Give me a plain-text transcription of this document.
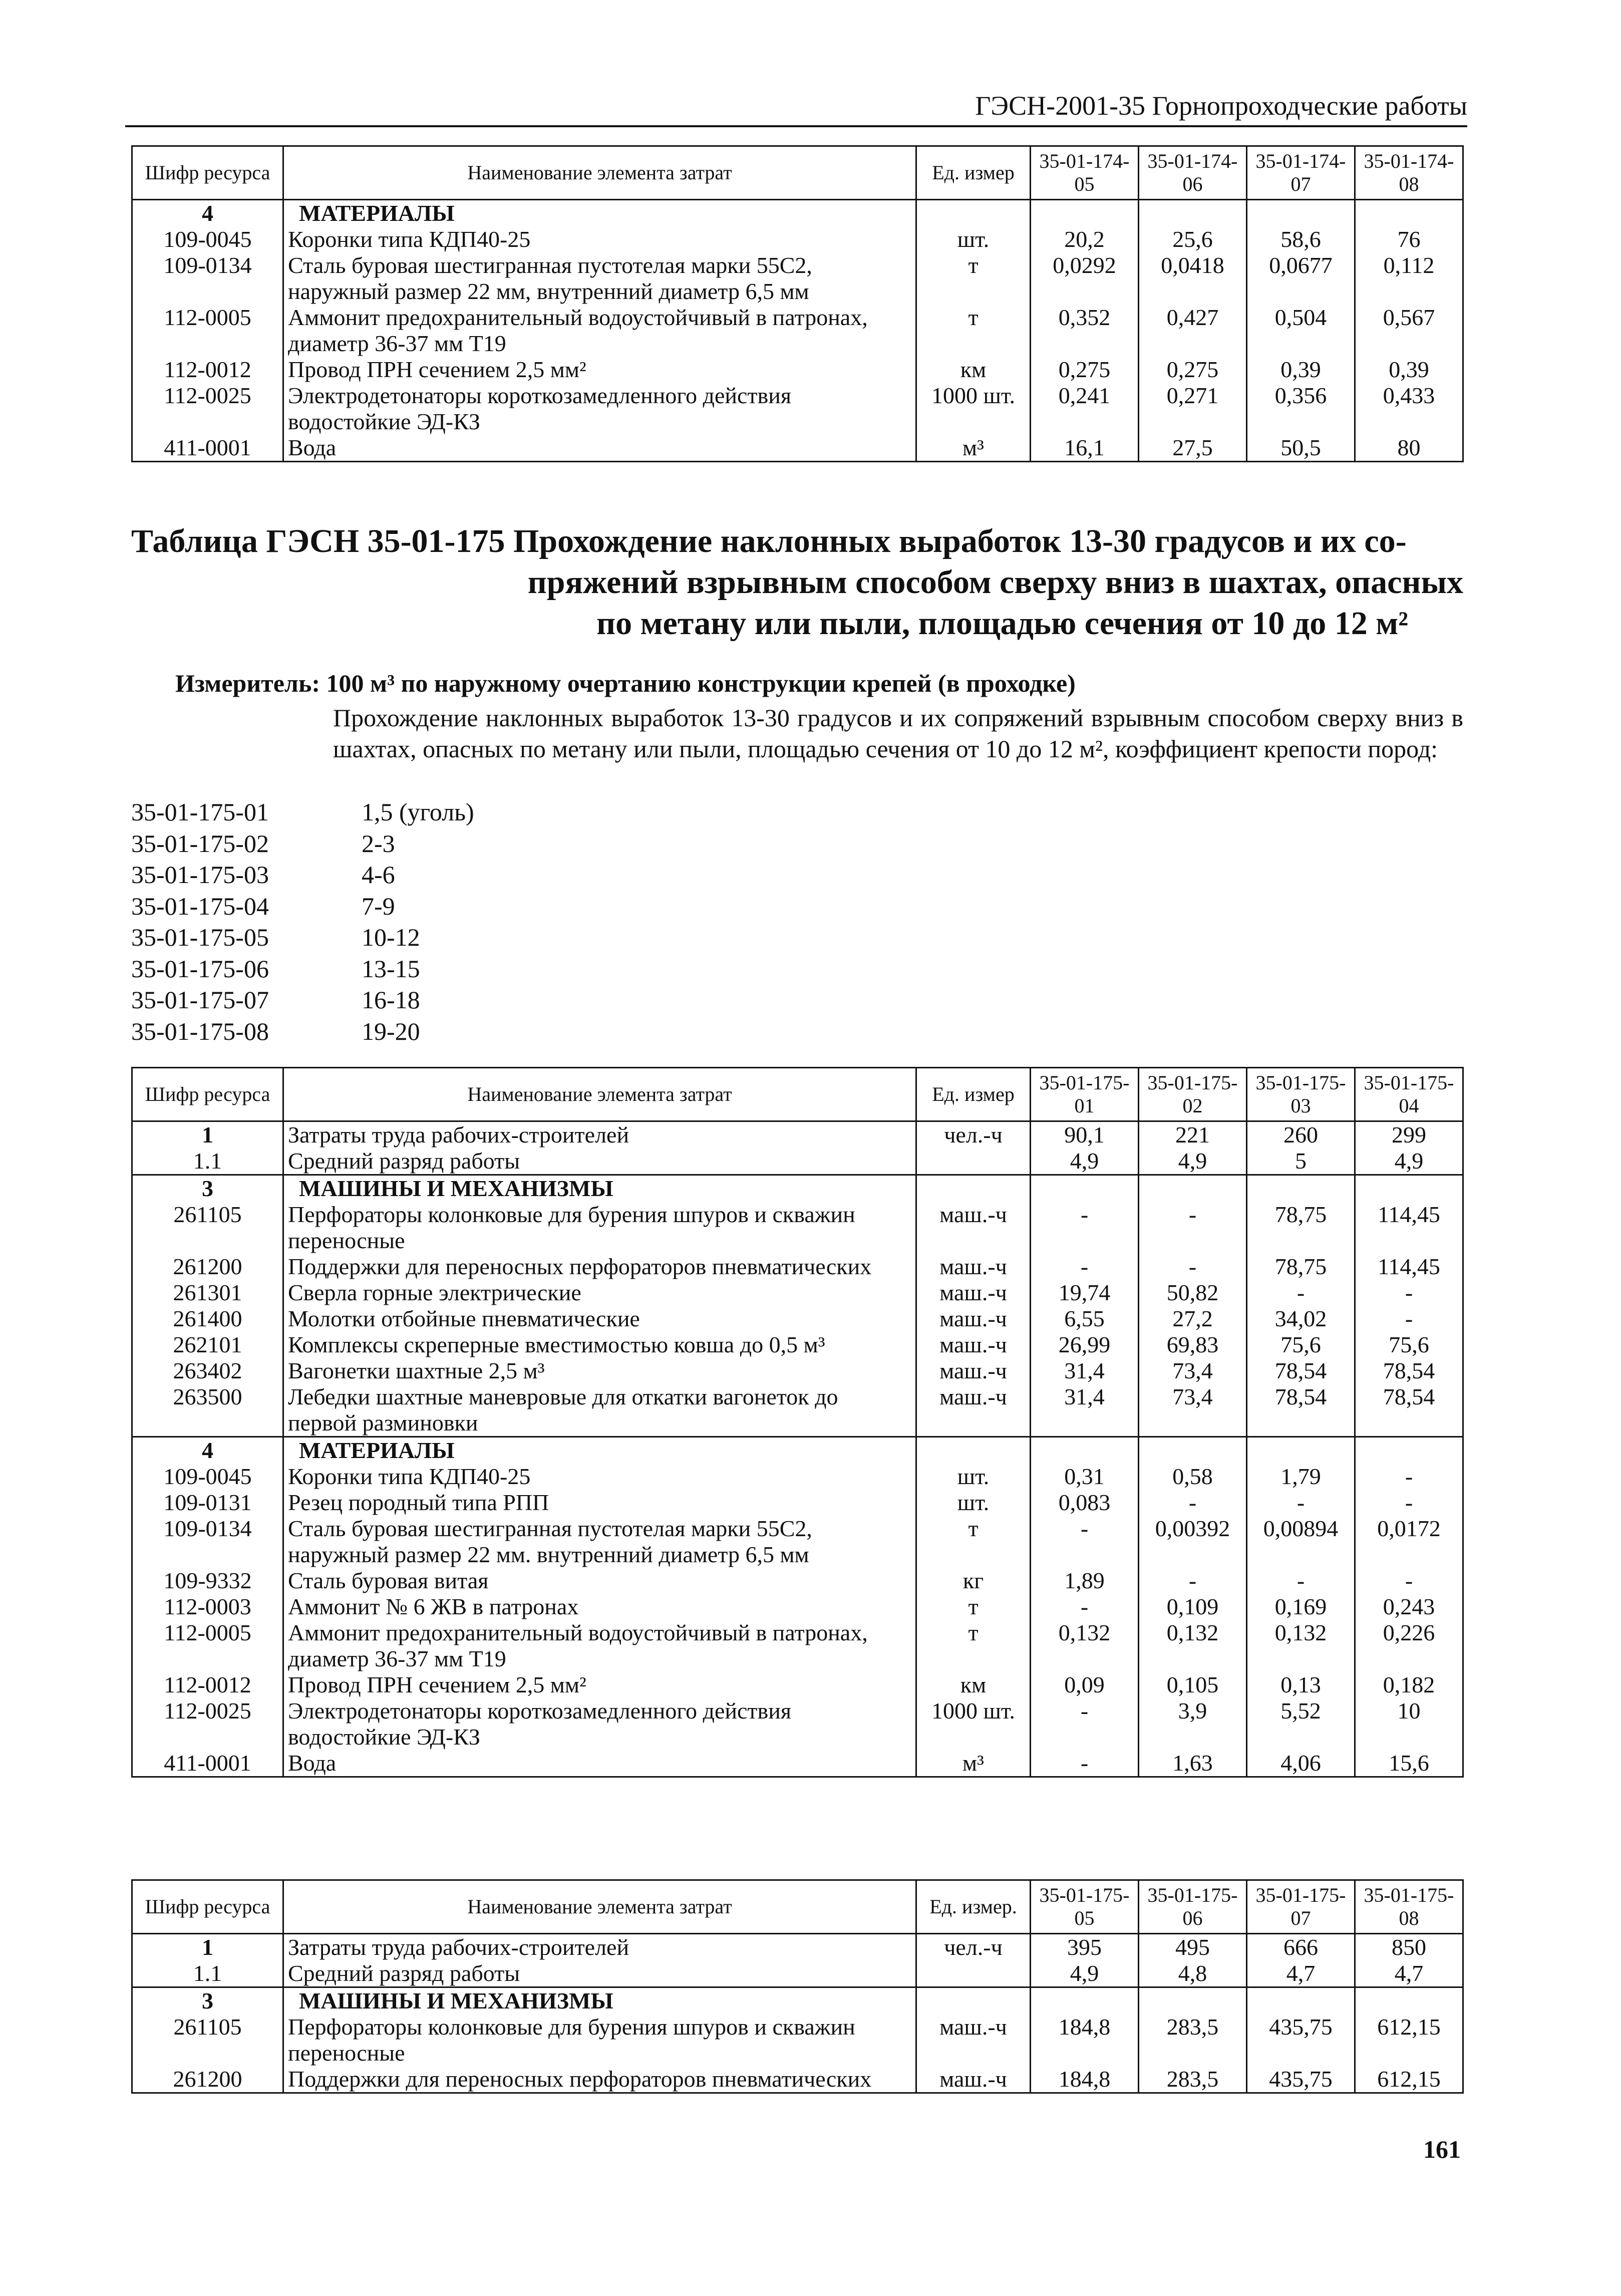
ГЭСН-2001-35 Горнопроходческие работы
Шифр ресурса	Наименование элемента затрат	Ед. измер	35-01-174-05	35-01-174-06	35-01-174-07	35-01-174-08
4	МАТЕРИАЛЫ					
109-0045	Коронки типа КДП40-25	шт.	20,2	25,6	58,6	76
109-0134	Сталь буровая шестигранная пустотелая марки 55С2, наружный размер 22 мм, внутренний диаметр 6,5 мм	т	0,0292	0,0418	0,0677	0,112
112-0005	Аммонит предохранительный водоустойчивый в патронах, диаметр 36-37 мм Т19	т	0,352	0,427	0,504	0,567
112-0012	Провод ПРН сечением 2,5 мм²	км	0,275	0,275	0,39	0,39
112-0025	Электродетонаторы короткозамедленного действия водостойкие ЭД-КЗ	1000 шт.	0,241	0,271	0,356	0,433
411-0001	Вода	м³	16,1	27,5	50,5	80
Таблица ГЭСН 35-01-175 Прохождение наклонных выработок 13-30 градусов и их со-
пряжений взрывным способом сверху вниз в шахтах, опасных
по метану или пыли, площадью сечения от 10 до 12 м²
Измеритель: 100 м³ по наружному очертанию конструкции крепей (в проходке)
Прохождение наклонных выработок 13-30 градусов и их сопряжений взрывным способом сверху вниз в шахтах, опасных по метану или пыли, площадью сечения от 10 до 12 м², коэффициент крепости пород:
35-01-175-01	1,5 (уголь)
35-01-175-02	2-3
35-01-175-03	4-6
35-01-175-04	7-9
35-01-175-05	10-12
35-01-175-06	13-15
35-01-175-07	16-18
35-01-175-08	19-20
Шифр ресурса	Наименование элемента затрат	Ед. измер	35-01-175-01	35-01-175-02	35-01-175-03	35-01-175-04
1	Затраты труда рабочих-строителей	чел.-ч	90,1	221	260	299
1.1	Средний разряд работы		4,9	4,9	5	4,9
3	МАШИНЫ И МЕХАНИЗМЫ					
261105	Перфораторы колонковые для бурения шпуров и скважин переносные	маш.-ч	-	-	78,75	114,45
261200	Поддержки для переносных перфораторов пневматических	маш.-ч	-	-	78,75	114,45
261301	Сверла горные электрические	маш.-ч	19,74	50,82	-	-
261400	Молотки отбойные пневматические	маш.-ч	6,55	27,2	34,02	-
262101	Комплексы скреперные вместимостью ковша до 0,5 м³	маш.-ч	26,99	69,83	75,6	75,6
263402	Вагонетки шахтные 2,5 м³	маш.-ч	31,4	73,4	78,54	78,54
263500	Лебедки шахтные маневровые для откатки вагонеток до первой разминовки	маш.-ч	31,4	73,4	78,54	78,54
4	МАТЕРИАЛЫ					
109-0045	Коронки типа КДП40-25	шт.	0,31	0,58	1,79	-
109-0131	Резец породный типа РПП	шт.	0,083	-	-	-
109-0134	Сталь буровая шестигранная пустотелая марки 55С2, наружный размер 22 мм. внутренний диаметр 6,5 мм	т	-	0,00392	0,00894	0,0172
109-9332	Сталь буровая витая	кг	1,89	-	-	-
112-0003	Аммонит № 6 ЖВ в патронах	т	-	0,109	0,169	0,243
112-0005	Аммонит предохранительный водоустойчивый в патронах, диаметр 36-37 мм Т19	т	0,132	0,132	0,132	0,226
112-0012	Провод ПРН сечением 2,5 мм²	км	0,09	0,105	0,13	0,182
112-0025	Электродетонаторы короткозамедленного действия водостойкие ЭД-КЗ	1000 шт.	-	3,9	5,52	10
411-0001	Вода	м³	-	1,63	4,06	15,6
Шифр ресурса	Наименование элемента затрат	Ед. измер.	35-01-175-05	35-01-175-06	35-01-175-07	35-01-175-08
1	Затраты труда рабочих-строителей	чел.-ч	395	495	666	850
1.1	Средний разряд работы		4,9	4,8	4,7	4,7
3	МАШИНЫ И МЕХАНИЗМЫ					
261105	Перфораторы колонковые для бурения шпуров и скважин переносные	маш.-ч	184,8	283,5	435,75	612,15
261200	Поддержки для переносных перфораторов пневматических	маш.-ч	184,8	283,5	435,75	612,15
161
